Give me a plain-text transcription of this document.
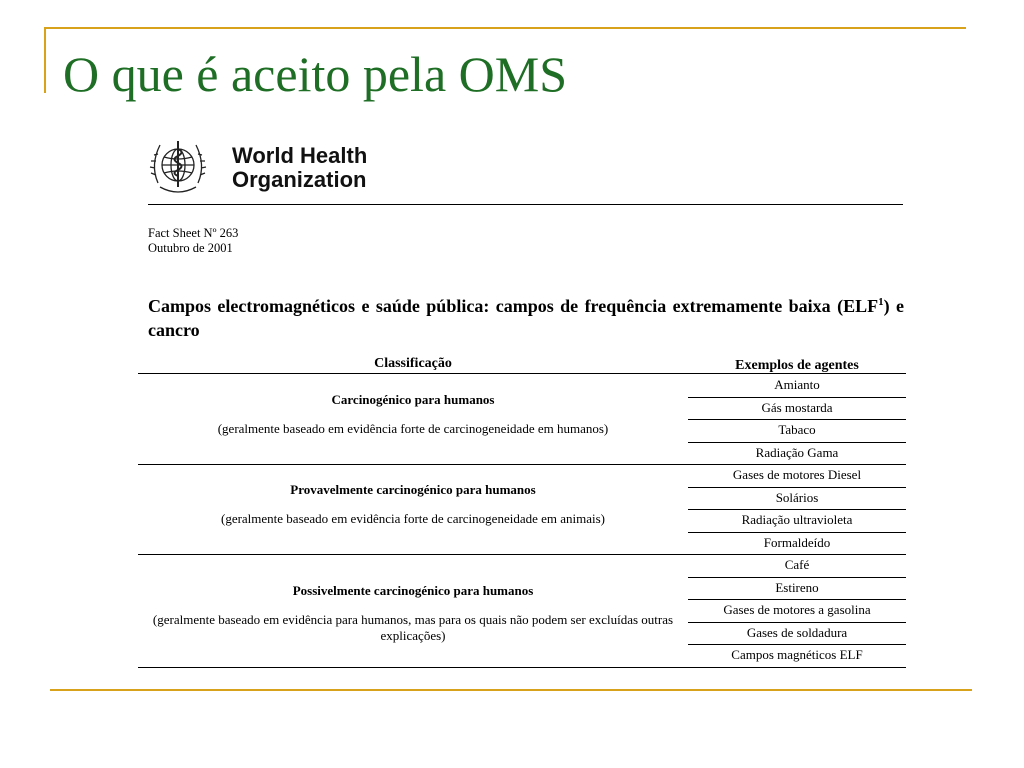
O que é aceito pela OMS
World Health
Organization
Fact Sheet Nº 263
Outubro de 2001
Campos electromagnéticos e saúde pública: campos de frequência extremamente baixa (ELF$^1$) e cancro
Classificação	Exemplos de agentes
Amianto
Gás mostarda
Tabaco
Radiação Gama
Carcinogénico para humanos
(geralmente baseado em evidência forte de carcinogeneidade em humanos)
Gases de motores Diesel
Solários
Radiação ultravioleta
Formaldeído
Provavelmente carcinogénico para humanos
(geralmente baseado em evidência forte de carcinogeneidade em animais)
Café
Estireno
Gases de motores a gasolina
Gases de soldadura
Campos magnéticos ELF
Possivelmente carcinogénico para humanos
(geralmente baseado em evidência para humanos, mas para os quais não podem ser excluídas outras explicações)
